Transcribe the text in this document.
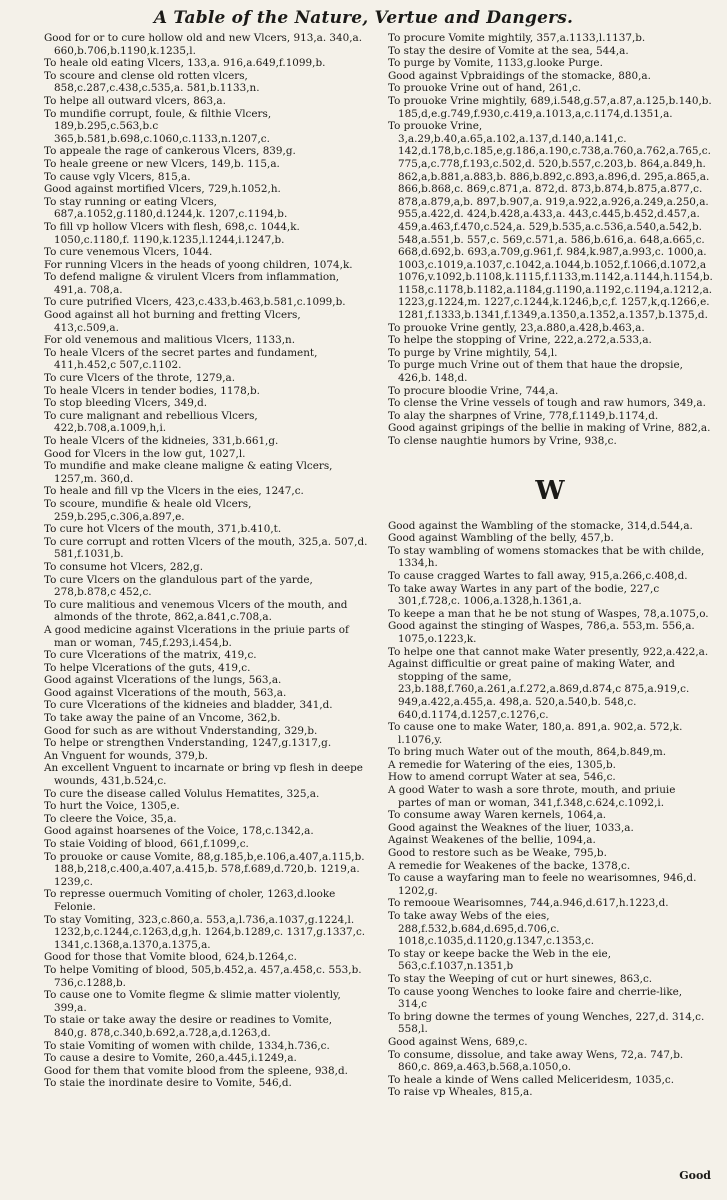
A Table of the Nature, Vertue and Dangers.

Good for or to cure hollow old and new Vlcers, 913,a. 340,a. 660,b.706,b.1190,k.1235,l.

To heale old eating Vlcers, 133,a. 916,a.649,f.1099,b.

To scoure and clense old rotten vlcers, 858,c.287,c.438,c.535,a. 581,b.1133,n.

To helpe all outward vlcers, 863,a.

To mundifie corrupt, foule, & filthie Vlcers, 189,b.295,c.563,b.c 365,b.581,b.698,c.1060,c.1133,n.1207,c.

To appeale the rage of cankerous Vlcers, 839,g.

To heale greene or new Vlcers, 149,b. 115,a.

To cause vgly Vlcers, 815,a.

Good against mortified Vlcers, 729,h.1052,h.

To stay running or eating Vlcers, 687,a.1052,g.1180,d.1244,k. 1207,c.1194,b.

To fill vp hollow Vlcers with flesh, 698,c. 1044,k. 1050,c.1180,f. 1190,k.1235,l.1244,i.1247,b.

To cure venemous Vlcers, 1044.

For running Vlcers in the heads of yoong children, 1074,k.

To defend maligne & virulent Vlcers from inflammation, 491,a. 708,a.

To cure putrified Vlcers, 423,c.433,b.463,b.581,c.1099,b.

Good against all hot burning and fretting Vlcers, 413,c.509,a.

For old venemous and malitious Vlcers, 1133,n.

To heale Vlcers of the secret partes and fundament, 411,h.452,c 507,c.1102.

To cure Vlcers of the throte, 1279,a.

To heale Vlcers in tender bodies, 1178,b.

To stop bleeding Vlcers, 349,d.

To cure malignant and rebellious Vlcers, 422,b.708,a.1009,h,i.

To heale Vlcers of the kidneies, 331,b.661,g.

Good for Vlcers in the low gut, 1027,l.

To mundifie and make cleane maligne & eating Vlcers, 1257,m. 360,d.

To heale and fill vp the Vlcers in the eies, 1247,c.

To scoure, mundifie & heale old Vlcers, 259,b.295,c.306,a.897,e.

To cure hot Vlcers of the mouth, 371,b.410,t.

To cure corrupt and rotten Vlcers of the mouth, 325,a. 507,d. 581,f.1031,b.

To consume hot Vlcers, 282,g.

To cure Vlcers on the glandulous part of the yarde, 278,b.878,c 452,c.

To cure malitious and venemous Vlcers of the mouth, and almonds of the throte, 862,a.841,c.708,a.

A good medicine against Vlcerations in the priuie parts of man or woman, 745,f.293,i.454,b.

To cure Vlcerations of the matrix, 419,c.

To helpe Vlcerations of the guts, 419,c.

Good against Vlcerations of the lungs, 563,a.

Good against Vlcerations of the mouth, 563,a.

To cure Vlcerations of the kidneies and bladder, 341,d.

To take away the paine of an Vncome, 362,b.

Good for such as are without Vnderstanding, 329,b.

To helpe or strengthen Vnderstanding, 1247,g.1317,g.

An Vnguent for wounds, 379,b.

An excellent Vnguent to incarnate or bring vp flesh in deepe wounds, 431,b.524,c.

To cure the disease called Volulus Hematites, 325,a.

To hurt the Voice, 1305,e.

To cleere the Voice, 35,a.

Good against hoarsenes of the Voice, 178,c.1342,a.

To staie Voiding of blood, 661,f.1099,c.

To prouoke or cause Vomite, 88,g.185,b,e.106,a.407,a.115,b. 188,b,218,c.400,a.407,a.415,b. 578,f.689,d.720,b. 1219,a. 1239,c.

To represse ouermuch Vomiting of choler, 1263,d.looke Felonie.

To stay Vomiting, 323,c.860,a. 553,a,l.736,a.1037,g.1224,l. 1232,b,c.1244,c.1263,d,g,h. 1264,b.1289,c. 1317,g.1337,c. 1341,c.1368,a.1370,a.1375,a.

Good for those that Vomite blood, 624,b.1264,c.

To helpe Vomiting of blood, 505,b.452,a. 457,a.458,c. 553,b. 736,c.1288,b.

To cause one to Vomite flegme & slimie matter violently, 399,a.

To staie or take away the desire or readines to Vomite, 840,g. 878,c.340,b.692,a.728,a,d.1263,d.

To staie Vomiting of women with childe, 1334,h.736,c.

To cause a desire to Vomite, 260,a.445,i.1249,a.

Good for them that vomite blood from the spleene, 938,d.

To staie the inordinate desire to Vomite, 546,d.

To procure Vomite mightily, 357,a.1133,l.1137,b.

To stay the desire of Vomite at the sea, 544,a.

To purge by Vomite, 1133,g.looke Purge.

Good against Vpbraidings of the stomacke, 880,a.

To prouoke Vrine out of hand, 261,c.

To prouoke Vrine mightily, 689,i.548,g.57,a.87,a.125,b.140,b. 185,d,e.g.749,f.930,c.419,a.1013,a,c.1174,d.1351,a.

To prouoke Vrine, 3,a.29,b.40,a.65,a.102,a.137,d.140,a.141,c. 142,d.178,b,c.185,e,g.186,a.190,c.738,a.760,a.762,a.765,c. 775,a,c.778,f.193,c.502,d. 520,b.557,c.203,b. 864,a.849,h. 862,a,b.881,a.883,b. 886,b.892,c.893,a.896,d. 295,a.865,a. 866,b.868,c. 869,c.871,a. 872,d. 873,b.874,b.875,a.877,c. 878,a.879,a,b. 897,b.907,a. 919,a.922,a.926,a.249,a.250,a. 955,a.422,d. 424,b.428,a.433,a. 443,c.445,b.452,d.457,a. 459,a.463,f.470,c.524,a. 529,b.535,a.c.536,a.540,a.542,b. 548,a.551,b. 557,c. 569,c.571,a. 586,b.616,a. 648,a.665,c. 668,d.692,b. 693,a.709,g.961,f. 984,k.987,a.993,c. 1000,a. 1003,c.1019,a.1037,c.1042,a.1044,b.1052,f.1066,d.1072,a 1076,v.1092,b.1108,k.1115,f.1133,m.1142,a.1144,h.1154,b. 1158,c.1178,b.1182,a.1184,g.1190,a.1192,c.1194,a.1212,a. 1223,g.1224,m. 1227,c.1244,k.1246,b,c,f. 1257,k,q.1266,e. 1281,f.1333,b.1341,f.1349,a.1350,a.1352,a.1357,b.1375,d.

To prouoke Vrine gently, 23,a.880,a.428,b.463,a.

To helpe the stopping of Vrine, 222,a.272,a.533,a.

To purge by Vrine mightily, 54,l.

To purge much Vrine out of them that haue the dropsie, 426,b. 148,d.

To procure bloodie Vrine, 744,a.

To clense the Vrine vessels of tough and raw humors, 349,a.

To alay the sharpnes of Vrine, 778,f.1149,b.1174,d.

Good against gripings of the bellie in making of Vrine, 882,a.

To clense naughtie humors by Vrine, 938,c.

W

Good against the Wambling of the stomacke, 314,d.544,a.

Good against Wambling of the belly, 457,b.

To stay wambling of womens stomackes that be with childe, 1334,h.

To cause cragged Wartes to fall away, 915,a.266,c.408,d.

To take away Wartes in any part of the bodie, 227,c 301,f.728,c. 1006,a.1328,h.1361,a.

To keepe a man that he be not stung of Waspes, 78,a.1075,o.

Good against the stinging of Waspes, 786,a. 553,m. 556,a. 1075,o.1223,k.

To helpe one that cannot make Water presently, 922,a.422,a.

Against difficultie or great paine of making Water, and stopping of the same, 23,b.188,f.760,a.261,a.f.272,a.869,d.874,c 875,a.919,c. 949,a.422,a.455,a. 498,a. 520,a.540,b. 548,c. 640,d.1174,d.1257,c.1276,c.

To cause one to make Water, 180,a. 891,a. 902,a. 572,k. l.1076,y.

To bring much Water out of the mouth, 864,b.849,m.

A remedie for Watering of the eies, 1305,b.

How to amend corrupt Water at sea, 546,c.

A good Water to wash a sore throte, mouth, and priuie partes of man or woman, 341,f.348,c.624,c.1092,i.

To consume away Waren kernels, 1064,a.

Good against the Weaknes of the liuer, 1033,a.

Against Weakenes of the bellie, 1094,a.

Good to restore such as be Weake, 795,b.

A remedie for Weakenes of the backe, 1378,c.

To cause a wayfaring man to feele no wearisomnes, 946,d. 1202,g.

To remooue Wearisomnes, 744,a.946,d.617,h.1223,d.

To take away Webs of the eies, 288,f.532,b.684,d.695,d.706,c. 1018,c.1035,d.1120,g.1347,c.1353,c.

To stay or keepe backe the Web in the eie, 563,c.f.1037,n.1351,b

To stay the Weeping of cut or hurt sinewes, 863,c.

To cause yoong Wenches to looke faire and cherrie-like, 314,c

To bring downe the termes of young Wenches, 227,d. 314,c. 558,l.

Good against Wens, 689,c.

To consume, dissolue, and take away Wens, 72,a. 747,b. 860,c. 869,a.463,b.568,a.1050,o.

To heale a kinde of Wens called Meliceridesm, 1035,c.

To raise vp Wheales, 815,a.

Good
